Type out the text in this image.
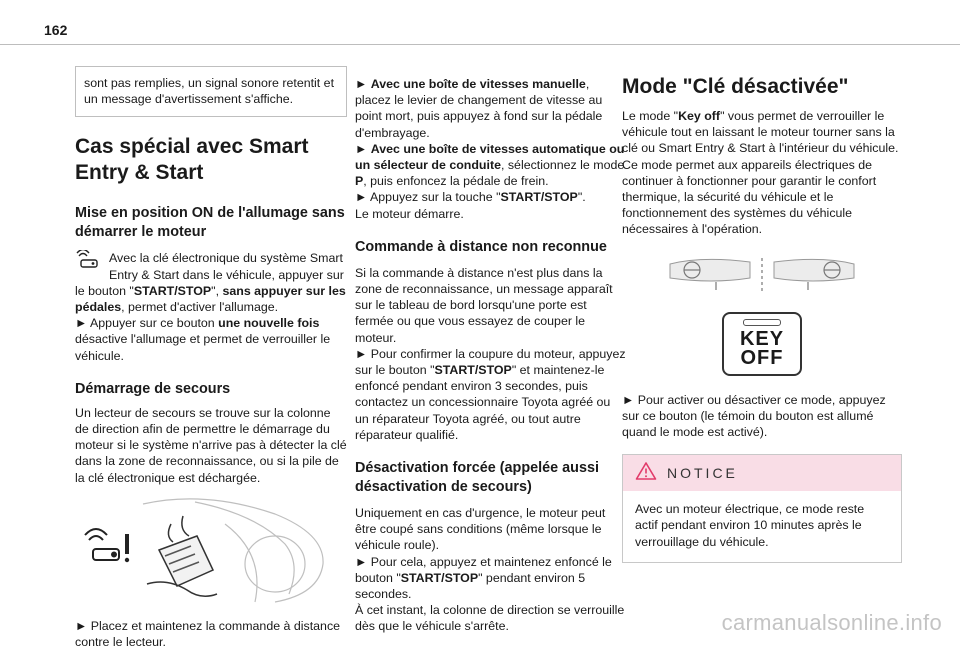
162

sont pas remplies, un signal sonore retentit et un message d'avertissement s'affiche.

Cas spécial avec Smart
Entry & Start
Mise en position ON de l'allumage sans démarrer le moteur

Avec la clé électronique du système Smart Entry & Start dans le véhicule, appuyer sur le bouton "START/STOP", sans appuyer sur les pédales, permet d'activer l'allumage.

► Appuyer sur ce bouton une nouvelle fois désactive l'allumage et permet de verrouiller le véhicule.

Démarrage de secours

Un lecteur de secours se trouve sur la colonne de direction afin de permettre le démarrage du moteur si le système n'arrive pas à détecter la clé dans la zone de reconnaissance, ou si la pile de la clé électronique est déchargée.

► Placez et maintenez la commande à distance contre le lecteur.

► Avec une boîte de vitesses manuelle, placez le levier de changement de vitesse au point mort, puis appuyez à fond sur la pédale d'embrayage.

► Avec une boîte de vitesses automatique ou un sélecteur de conduite, sélectionnez le mode P, puis enfoncez la pédale de frein.

► Appuyez sur la touche "START/STOP".

Le moteur démarre.

Commande à distance non reconnue

Si la commande à distance n'est plus dans la zone de reconnaissance, un message apparaît sur le tableau de bord lorsqu'une porte est fermée ou que vous essayez de couper le moteur.

► Pour confirmer la coupure du moteur, appuyez sur le bouton "START/STOP" et maintenez-le enfoncé pendant environ 3 secondes, puis contactez un concessionnaire Toyota agréé ou un réparateur Toyota agréé, ou tout autre réparateur qualifié.

Désactivation forcée (appelée aussi désactivation de secours)

Uniquement en cas d'urgence, le moteur peut être coupé sans conditions (même lorsque le véhicule roule).

► Pour cela, appuyez et maintenez enfoncé le bouton "START/STOP" pendant environ 5 secondes.

À cet instant, la colonne de direction se verrouille dès que le véhicule s'arrête.

Mode "Clé désactivée"

Le mode "Key off" vous permet de verrouiller le véhicule tout en laissant le moteur tourner sans la clé ou Smart Entry & Start à l'intérieur du véhicule.

Ce mode permet aux appareils électriques de continuer à fonctionner pour garantir le confort thermique, la sécurité du véhicule et le fonctionnement des systèmes du véhicule nécessaires à l'opération.

KEY
OFF

► Pour activer ou désactiver ce mode, appuyez sur ce bouton (le témoin du bouton est allumé quand le mode est activé).

NOTICE

Avec un moteur électrique, ce mode reste actif pendant environ 10 minutes après le verrouillage du véhicule.

carmanualsonline.info
